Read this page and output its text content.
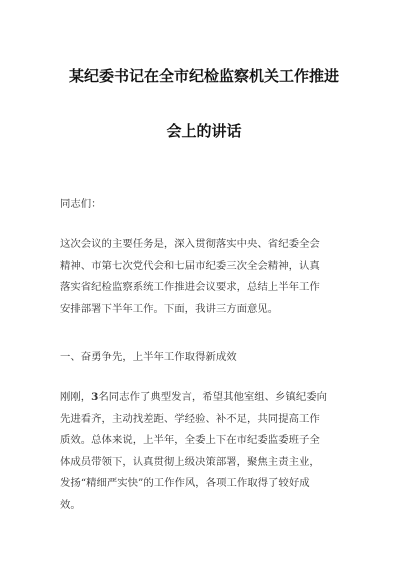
某纪委书记在全市纪检监察机关工作推进
会上的讲话
同志们：
这次会议的主要任务是，深入贯彻落实中央、省纪委全会
精神、市第七次党代会和七届市纪委三次全会精神，认真
落实省纪检监察系统工作推进会议要求，总结上半年工作
安排部署下半年工作。下面，我讲三方面意见。
一、奋勇争先，上半年工作取得新成效
刚刚，3名同志作了典型发言，希望其他室组、乡镇纪委向
先进看齐，主动找差距、学经验、补不足，共同提高工作
质效。总体来说，上半年，全委上下在市纪委监委班子全
体成员带领下，认真贯彻上级决策部署，聚焦主责主业，
发扬“精细严实快”的工作作风，各项工作取得了较好成
效。
